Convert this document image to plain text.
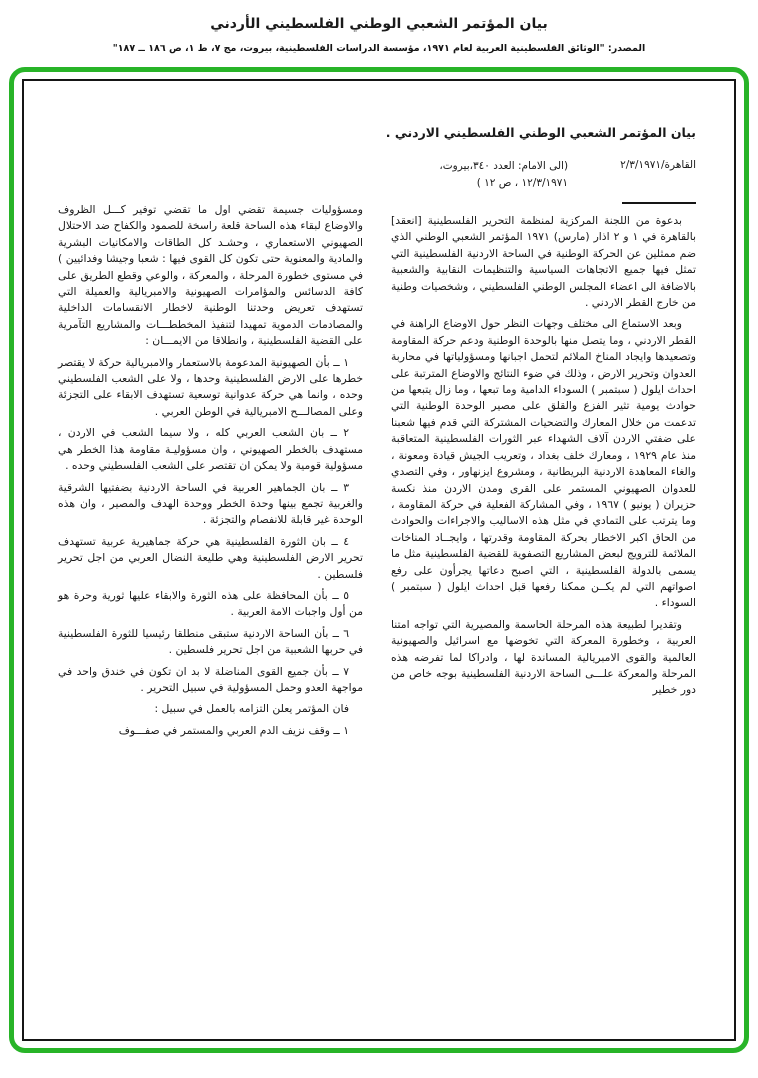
بيان المؤتمر الشعبي الوطني الفلسطيني الأردني
المصدر: "الوثائق الفلسطينية العربية لعام ١٩٧١، مؤسسة الدراسات الفلسطينية، بيروت، مج ٧، ط ١، ص ١٨٦ ــ ١٨٧"
بيان المؤتمر الشعبي الوطني الفلسطيني الاردني .
القاهرة/٢/٣/١٩٧١
(الى الامام: العدد ٣٤٠،بيروت،
١٢/٣/١٩٧١ ، ص ١٢ )

بدعوة من اللجنة المركزية لمنظمة التحرير الفلسطينية [انعقد] بالقاهرة في ١ و ٢ اذار (مارس) ١٩٧١ المؤتمر الشعبي الوطني الذي ضم ممثلين عن الحركة الوطنية في الساحة الاردنية الفلسطينية التي تمثل فيها جميع الاتجاهات السياسية والتنظيمات النقابية والشعبية بالاضافة الى اعضاء المجلس الوطني الفلسطيني ، وشخصيات وطنية من خارج القطر الاردني .

وبعد الاستماع الى مختلف وجهات النظر حول الاوضاع الراهنة في القطر الاردني ، وما يتصل منها بالوحدة الوطنية ودعم حركة المقاومة وتصعيدها وايجاد المناخ الملائم لتحمل اجبانها ومسؤولياتها في محاربة العدوان وتحرير الارض ، وذلك في ضوء النتائج والاوضاع المترتبة على احداث ايلول ( سبتمبر ) السوداء الدامية وما تبعها ، وما زال يتبعها من حوادث يومية تثير الفزع والقلق على مصير الوحدة الوطنية التي تدعمت من خلال المعارك والتضحيات المشتركة التي قدم فيها شعبنا على ضفتي الاردن آلاف الشهداء عبر الثورات الفلسطينية المتعاقبة منذ عام ١٩٢٩ ، ومعارك خلف بغداد ، وتعريب الجيش قيادة ومعونة ، والغاء المعاهدة الاردنية البريطانية ، ومشروع ايزنهاور ، وفي التصدي للعدوان الصهيوني المستمر على القرى ومدن الاردن منذ نكسة حزيران ( يونيو ) ١٩٦٧ ، وفي المشاركة الفعلية في حركة المقاومة ، وما يترتب على التمادي في مثل هذه الاساليب والاجراءات والحوادث من الحاق اكبر الاخطار بحركة المقاومة وقدرتها ، وايجــاد المناخات الملائمة للترويج لبعض المشاريع التصفوية للقضية الفلسطينية مثل ما يسمى بالدولة الفلسطينية ، التي اصبح دعاتها يجرأون على رفع اصواتهم التي لم يكــن ممكنا رفعها قبل احداث ايلول ( سبتمبر ) السوداء .

وتقديرا لطبيعة هذه المرحلة الحاسمة والمصيرية التي تواجه امتنا العربية ، وخطورة المعركة التي تخوضها مع اسرائيل والصهيونية العالمية والقوى الامبريالية المساندة لها ، وادراكا لما تفرضه هذه المرحلة والمعركة علـــى الساحة الاردنية الفلسطينية بوجه خاص من دور خطير

ومسؤوليات جسيمة تقضي اول ما تقضي توفير كـــل الظروف والاوضاع لبقاء هذه الساحة قلعة راسخة للصمود والكفاح ضد الاحتلال الصهيوني الاستعماري ، وحشـد كل الطاقات والامكانيات البشرية والمادية والمعنوية حتى تكون كل القوى فيها : شعبا وجيشا وفدائيين ) في مستوى خطورة المرحلة ، والمعركة ، والوعي وقطع الطريق على كافة الدسائس والمؤامرات الصهيونية والامبريالية والعميلة التي تستهدف تعريض وحدتنا الوطنية لاخطار الانقسامات الداخلية والمصادمات الدموية تمهيدا لتنفيذ المخططـــات والمشاريع التآمرية على القضية الفلسطينية ، وانطلاقا من الايمـــان :

١ ــ بأن الصهيونية المدعومة بالاستعمار والامبريالية حركة لا يقتصر خطرها على الارض الفلسطينية وحدها ، ولا على الشعب الفلسطيني وحده ، وانما هي حركة عدوانية توسعية تستهدف الابقاء على التجزئة وعلى المصالـــح الامبريالية في الوطن العربي .

٢ ــ بان الشعب العربي كله ، ولا سيما الشعب في الاردن ، مستهدف بالخطر الصهيوني ، وان مسؤوليـة مقاومة هذا الخطر هي مسؤولية قومية ولا يمكن ان تقتصر على الشعب الفلسطيني وحده .

٣ ــ بان الجماهير العربية في الساحة الاردنية بضفتيها الشرقية والغربية تجمع بينها وحدة الخطر ووحدة الهدف والمصير ، وان هذه الوحدة غير قابلة للانفصام والتجزئة .

٤ ــ بان الثورة الفلسطينية هي حركة جماهيرية عربية تستهدف تحرير الارض الفلسطينية وهي طليعة النضال العربي من اجل تحرير فلسطين .

٥ ــ بأن المحافظة على هذه الثورة والابقاء عليها ثورية وحرة هو من أول واجبات الامة العربية .

٦ ــ بأن الساحة الاردنية ستبقى منطلقا رئيسيا للثورة الفلسطينية في حربها الشعبية من اجل تحرير فلسطين .

٧ ــ بأن جميع القوى المناضلة لا بد ان تكون في خندق واحد في مواجهة العدو وحمل المسؤولية في سبيل التحرير .

فان المؤتمر يعلن التزامه بالعمل في سبيل :

١ ــ وقف نزيف الدم العربي والمستمر في صفـــوف
